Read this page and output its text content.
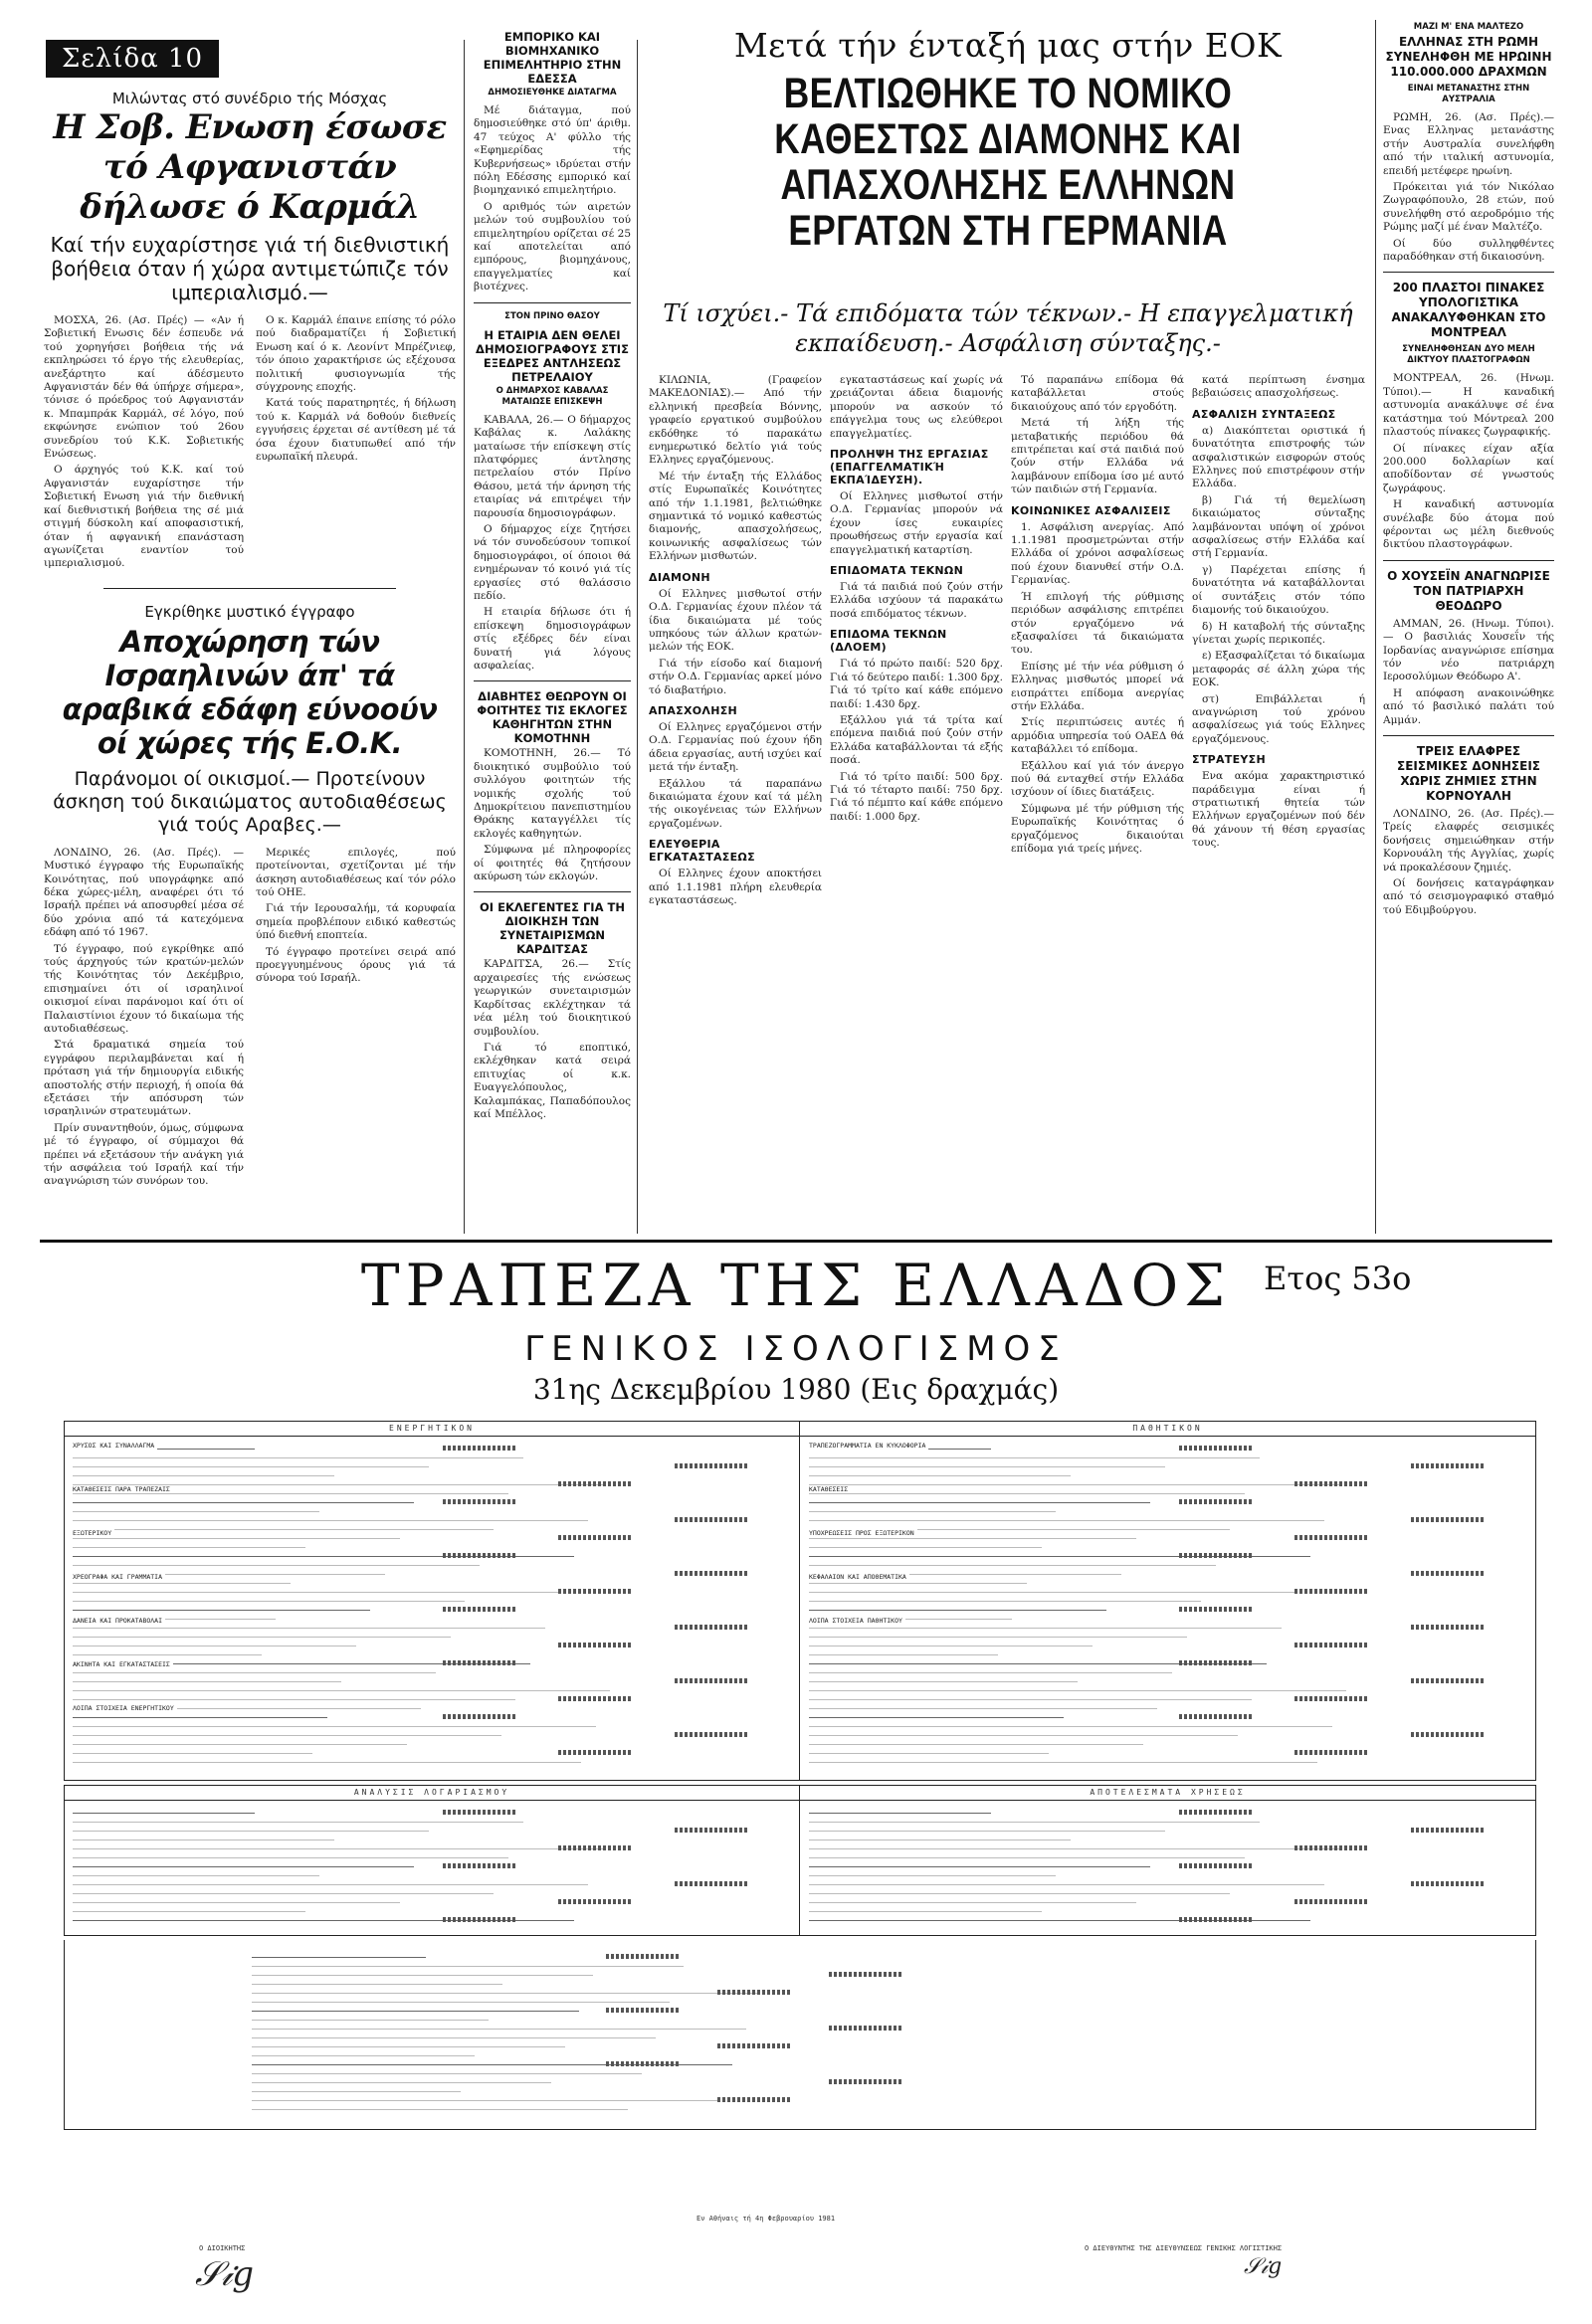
Σελίδα 10
Μιλώντας στό συνέδριο τής Μόσχας
Η Σοβ. Ενωση έσωσε τό Αφγανιστάν δήλωσε ό Καρμάλ
Καί τήν ευχαρίστησε γιά τή διεθνιστική βοήθεια όταν ή χώρα αντιμετώπιζε τόν ιμπεριαλισμό.—

ΜΟΣΧΑ, 26. (Ασ. Πρές) — «Αν ή Σοβιετική Ενωσις δέν έσπευδε νά τού χορηγήσει βοήθεια τής νά εκπληρώσει τό έργο τής ελευθερίας, ανεξάρτητο καί άδέσμευτο Αφγανιστάν δέν θά ύπήρχε σήμερα», τόνισε ό πρόεδρος τού Αφγανιστάν κ. Μπαμπράκ Καρμάλ, σέ λόγο, πού εκφώνησε ενώπιον τού 26ου συνεδρίου τού Κ.Κ. Σοβιετικής Ενώσεως.

Ο άρχηγός τού Κ.Κ. καί τού Αφγανιστάν ευχαρίστησε τήν Σοβιετική Ενωση γιά τήν διεθνική καί διεθνιστική βοήθεια της σέ μιά στιγμή δύσκολη καί αποφασιστική, όταν ή αφγανική επανάσταση αγωνίζεται εναντίον τού ιμπεριαλισμού.

Ο κ. Καρμάλ έπαινε επίσης τό ρόλο πού διαδραματίζει ή Σοβιετική Ενωση καί ό κ. Λεονίντ Μπρέζνιεφ, τόν όποιο χαρακτήρισε ώς εξέχουσα πολιτική φυσιογνωμία τής σύγχρονης εποχής.

Κατά τούς παρατηρητές, ή δήλωση τού κ. Καρμάλ νά δοθούν διεθνείς εγγυήσεις έρχεται σέ αντίθεση μέ τά όσα έχουν διατυπωθεί από τήν ευρωπαϊκή πλευρά.

Εγκρίθηκε μυστικό έγγραφο
Αποχώρηση τών Ισραηλινών άπ' τά αραβικά εδάφη εύνοούν οί χώρες τής Ε.Ο.Κ.
Παράνομοι οί οικισμοί.— Προτείνουν άσκηση τού δικαιώματος αυτοδιαθέσεως γιά τούς Αραβες.—

ΛΟΝΔΙΝΟ, 26. (Ασ. Πρές). — Μυστικό έγγραφο τής Ευρωπαϊκής Κοινότητας, πού υπογράφηκε από δέκα χώρες-μέλη, αναφέρει ότι τό Ισραήλ πρέπει νά αποσυρθεί μέσα σέ δύο χρόνια από τά κατεχόμενα εδάφη από τό 1967.

Τό έγγραφο, πού εγκρίθηκε από τούς άρχηγούς τών κρατών-μελών τής Κοινότητας τόν Δεκέμβριο, επισημαίνει ότι οί ισραηλινοί οικισμοί είναι παράνομοι καί ότι οί Παλαιστίνιοι έχουν τό δικαίωμα τής αυτοδιαθέσεως.

Στά δραματικά σημεία τού εγγράφου περιλαμβάνεται καί ή πρόταση γιά τήν δημιουργία ειδικής αποστολής στήν περιοχή, ή οποία θά εξετάσει τήν απόσυρση τών ισραηλινών στρατευμάτων.

Πρίν συναντηθούν, όμως, σύμφωνα μέ τό έγγραφο, οί σύμμαχοι θά πρέπει νά εξετάσουν τήν ανάγκη γιά τήν ασφάλεια τού Ισραήλ καί τήν αναγνώριση τών συνόρων του.

Μερικές επιλογές, πού προτείνονται, σχετίζονται μέ τήν άσκηση αυτοδιαθέσεως καί τόν ρόλο τού ΟΗΕ.

Γιά τήν Ιερουσαλήμ, τά κορυφαία σημεία προβλέπουν ειδικό καθεστώς ύπό διεθνή εποπτεία.

Τό έγγραφο προτείνει σειρά από προεγγυημένους όρους γιά τά σύνορα τού Ισραήλ.

ΕΜΠΟΡΙΚΟ ΚΑΙ ΒΙΟΜΗΧΑΝΙΚΟ ΕΠΙΜΕΛΗΤΗΡΙΟ ΣΤΗΝ ΕΔΕΣΣΑ
ΔΗΜΟΣΙΕΥΘΗΚΕ ΔΙΑΤΑΓΜΑ

Μέ διάταγμα, πού δημοσιεύθηκε στό ύπ' άριθμ. 47 τεύχος Α' φύλλο τής «Εφημερίδας τής Κυβερνήσεως» ιδρύεται στήν πόλη Εδέσσης εμπορικό καί βιομηχανικό επιμελητήριο.

Ο αριθμός τών αιρετών μελών τού συμβουλίου τού επιμελητηρίου ορίζεται σέ 25 καί αποτελείται από εμπόρους, βιομηχάνους, επαγγελματίες καί βιοτέχνες.

ΣΤΟΝ ΠΡΙΝΟ ΘΑΣΟΥ
Η ΕΤΑΙΡΙΑ ΔΕΝ ΘΕΛΕΙ ΔΗΜΟΣΙΟΓΡΑΦΟΥΣ ΣΤΙΣ ΕΞΕΔΡΕΣ ΑΝΤΛΗΣΕΩΣ ΠΕΤΡΕΛΑΙΟΥ
Ο ΔΗΜΑΡΧΟΣ ΚΑΒΑΛΑΣ ΜΑΤΑΙΩΣΕ ΕΠΙΣΚΕΨΗ

ΚΑΒΑΛΑ, 26.— Ο δήμαρχος Καβάλας κ. Λαλάκης ματαίωσε τήν επίσκεψη στίς πλατφόρμες άντλησης πετρελαίου στόν Πρίνο Θάσου, μετά τήν άρνηση τής εταιρίας νά επιτρέψει τήν παρουσία δημοσιογράφων.

Ο δήμαρχος είχε ζητήσει νά τόν συνοδεύσουν τοπικοί δημοσιογράφοι, οί όποιοι θά ενημέρωναν τό κοινό γιά τίς εργασίες στό θαλάσσιο πεδίο.

Η εταιρία δήλωσε ότι ή επίσκεψη δημοσιογράφων στίς εξέδρες δέν είναι δυνατή γιά λόγους ασφαλείας.

ΔΙΑΒΗΤΕΣ ΘΕΩΡΟΥΝ ΟΙ ΦΟΙΤΗΤΕΣ ΤΙΣ ΕΚΛΟΓΕΣ ΚΑΘΗΓΗΤΩΝ ΣΤΗΝ ΚΟΜΟΤΗΝΗ

ΚΟΜΟΤΗΝΗ, 26.— Τό διοικητικό συμβούλιο τού συλλόγου φοιτητών τής νομικής σχολής τού Δημοκρίτειου πανεπιστημίου Θράκης καταγγέλλει τίς εκλογές καθηγητών.

Σύμφωνα μέ πληροφορίες οί φοιτητές θά ζητήσουν ακύρωση τών εκλογών.

ΟΙ ΕΚΛΕΓΕΝΤΕΣ ΓΙΑ ΤΗ ΔΙΟΙΚΗΣΗ ΤΩΝ ΣΥΝΕΤΑΙΡΙΣΜΩΝ ΚΑΡΔΙΤΣΑΣ

ΚΑΡΔΙΤΣΑ, 26.— Στίς αρχαιρεσίες τής ενώσεως γεωργικών συνεταιρισμών Καρδίτσας εκλέχτηκαν τά νέα μέλη τού διοικητικού συμβουλίου.

Γιά τό εποπτικό, εκλέχθηκαν κατά σειρά επιτυχίας οί κ.κ. Ευαγγελόπουλος, Καλαμπάκας, Παπαδόπουλος καί Μπέλλος.

Μετά τήν ένταξή μας στήν ΕΟΚ
ΒΕΛΤΙΩΘΗΚΕ ΤΟ ΝΟΜΙΚΟ ΚΑΘΕΣΤΩΣ ΔΙΑΜΟΝΗΣ ΚΑΙ ΑΠΑΣΧΟΛΗΣΗΣ ΕΛΛΗΝΩΝ ΕΡΓΑΤΩΝ ΣΤΗ ΓΕΡΜΑΝΙΑ
Τί ισχύει.- Τά επιδόματα τών τέκνων.- Η επαγγελματική εκπαίδευση.- Ασφάλιση σύνταξης.-

ΚΙΛΩΝΙΑ, (Γραφείον ΜΑΚΕΔΟΝΙΑΣ).— Από τήν ελληνική πρεσβεία Βόννης, γραφείο εργατικού συμβούλου εκδόθηκε τό παρακάτω ενημερωτικό δελτίο γιά τούς Ελληνες εργαζόμενους.

Μέ τήν ένταξη τής Ελλάδος στίς Ευρωπαϊκές Κοινότητες από τήν 1.1.1981, βελτιώθηκε σημαντικά τό νομικό καθεστώς διαμονής, απασχολήσεως, κοινωνικής ασφαλίσεως τών Ελλήνων μισθωτών.

ΔΙΑΜΟΝΗ

Οί Ελληνες μισθωτοί στήν Ο.Δ. Γερμανίας έχουν πλέον τά ίδια δικαιώματα μέ τούς υπηκόους τών άλλων κρατών-μελών τής ΕΟΚ.

Γιά τήν είσοδο καί διαμονή στήν Ο.Δ. Γερμανίας αρκεί μόνο τό διαβατήριο.

ΑΠΑΣΧΟΛΗΣΗ

Οί Ελληνες εργαζόμενοι στήν Ο.Δ. Γερμανίας πού έχουν ήδη άδεια εργασίας, αυτή ισχύει καί μετά τήν ένταξη.

Εξάλλου τά παραπάνω δικαιώματα έχουν καί τά μέλη τής οικογένειας τών Ελλήνων εργαζομένων.

ΕΛΕΥΘΕΡΙΑ ΕΓΚΑΤΑΣΤΑΣΕΩΣ

Οί Ελληνες έχουν αποκτήσει από 1.1.1981 πλήρη ελευθερία εγκαταστάσεως.

εγκαταστάσεως καί χωρίς νά χρειάζονται άδεια διαμονής μπορούν να ασκούν τό επάγγελμα τους ως ελεύθεροι επαγγελματίες.

ΠΡΟΛΗΨΗ ΤΗΣ ΕΡΓΑΣΙΑΣ (ΕΠΑΓΓΕΛΜΑΤΙΚΉ ΕΚΠΑΊΔΕΥΣΗ).

Οί Ελληνες μισθωτοί στήν Ο.Δ. Γερμανίας μπορούν νά έχουν ίσες ευκαιρίες προωθήσεως στήν εργασία καί επαγγελματική καταρτίση.

ΕΠΙΔΟΜΑΤΑ ΤΕΚΝΩΝ

Γιά τά παιδιά πού ζούν στήν Ελλάδα ισχύουν τά παρακάτω ποσά επιδόματος τέκνων.

ΕΠΙΔΟΜΑ ΤΕΚΝΩΝ (ΔΛΟΕΜ)

Γιά τό πρώτο παιδί: 520 δρχ. Γιά τό δεύτερο παιδί: 1.300 δρχ. Γιά τό τρίτο καί κάθε επόμενο παιδί: 1.430 δρχ.

Εξάλλου γιά τά τρίτα καί επόμενα παιδιά πού ζούν στήν Ελλάδα καταβάλλονται τά εξής ποσά.

Γιά τό τρίτο παιδί: 500 δρχ. Γιά τό τέταρτο παιδί: 750 δρχ. Γιά τό πέμπτο καί κάθε επόμενο παιδί: 1.000 δρχ.

Τό παραπάνω επίδομα θά καταβάλλεται στούς δικαιούχους από τόν εργοδότη.

Μετά τή λήξη τής μεταβατικής περιόδου θά επιτρέπεται καί στά παιδιά πού ζούν στήν Ελλάδα νά λαμβάνουν επίδομα ίσο μέ αυτό τών παιδιών στή Γερμανία.

ΚΟΙΝΩΝΙΚΕΣ ΑΣΦΑΛΙΣΕΙΣ

1. Ασφάλιση ανεργίας. Από 1.1.1981 προσμετρώνται στήν Ελλάδα οί χρόνοι ασφαλίσεως πού έχουν διανυθεί στήν Ο.Δ. Γερμανίας.

Ή επιλογή τής ρύθμισης περιόδων ασφάλισης επιτρέπει στόν εργαζόμενο νά εξασφαλίσει τά δικαιώματα του.

Επίσης μέ τήν νέα ρύθμιση ό Ελληνας μισθωτός μπορεί νά εισπράττει επίδομα ανεργίας στήν Ελλάδα.

Στίς περιπτώσεις αυτές ή αρμόδια υπηρεσία τού ΟΑΕΔ θά καταβάλλει τό επίδομα.

Εξάλλου καί γιά τόν άνεργο πού θά ενταχθεί στήν Ελλάδα ισχύουν οί ίδιες διατάξεις.

Σύμφωνα μέ τήν ρύθμιση τής Ευρωπαϊκής Κοινότητας ό εργαζόμενος δικαιούται επίδομα γιά τρείς μήνες.

κατά περίπτωση ένσημα βεβαιώσεις απασχολήσεως.

ΑΣΦΑΛΙΣΗ ΣΥΝΤΑΞΕΩΣ

α) Διακόπτεται οριστικά ή δυνατότητα επιστροφής τών ασφαλιστικών εισφορών στούς Ελληνες πού επιστρέφουν στήν Ελλάδα.

β) Γιά τή θεμελίωση δικαιώματος σύνταξης λαμβάνονται υπόψη οί χρόνοι ασφαλίσεως στήν Ελλάδα καί στή Γερμανία.

γ) Παρέχεται επίσης ή δυνατότητα νά καταβάλλονται οί συντάξεις στόν τόπο διαμονής τού δικαιούχου.

δ) Η καταβολή τής σύνταξης γίνεται χωρίς περικοπές.

ε) Εξασφαλίζεται τό δικαίωμα μεταφοράς σέ άλλη χώρα τής ΕΟΚ.

στ) Επιβάλλεται ή αναγνώριση τού χρόνου ασφαλίσεως γιά τούς Ελληνες εργαζόμενους.

ΣΤΡΑΤΕΥΣΗ

Ενα ακόμα χαρακτηριστικό παράδειγμα είναι ή στρατιωτική θητεία τών Ελλήνων εργαζομένων πού δέν θά χάνουν τή θέση εργασίας τους.

ΜΑΖΙ Μ' ΕΝΑ ΜΑΛΤΕΖΟ
ΕΛΛΗΝΑΣ ΣΤΗ ΡΩΜΗ ΣΥΝΕΛΗΦΘΗ ΜΕ ΗΡΩΙΝΗ 110.000.000 ΔΡΑΧΜΩΝ
ΕΙΝΑΙ ΜΕΤΑΝΑΣΤΗΣ ΣΤΗΝ ΑΥΣΤΡΑΛΙΑ

ΡΩΜΗ, 26. (Ασ. Πρές).— Ενας Ελληνας μετανάστης στήν Αυστραλία συνελήφθη από τήν ιταλική αστυνομία, επειδή μετέφερε ηρωίνη.

Πρόκειται γιά τόν Νικόλαο Ζωγραφόπουλο, 28 ετών, πού συνελήφθη στό αεροδρόμιο τής Ρώμης μαζί μέ έναν Μαλτέζο.

Οί δύο συλληφθέντες παραδόθηκαν στή δικαιοσύνη.

200 ΠΛΑΣΤΟΙ ΠΙΝΑΚΕΣ ΥΠΟΛΟΓΙΣΤΙΚΑ ΑΝΑΚΑΛΥΦΘΗΚΑΝ ΣΤΟ ΜΟΝΤΡΕΑΛ
ΣΥΝΕΛΗΦΘΗΣΑΝ ΔΥΟ ΜΕΛΗ ΔΙΚΤΥΟΥ ΠΛΑΣΤΟΓΡΑΦΩΝ

ΜΟΝΤΡΕΑΛ, 26. (Ηνωμ. Τύποι).— Η καναδική αστυνομία ανακάλυψε σέ ένα κατάστημα τού Μόντρεαλ 200 πλαστούς πίνακες ζωγραφικής.

Οί πίνακες είχαν αξία 200.000 δολλαρίων καί αποδίδονταν σέ γνωστούς ζωγράφους.

Η καναδική αστυνομία συνέλαβε δύο άτομα πού φέρονται ως μέλη διεθνούς δικτύου πλαστογράφων.

Ο ΧΟΥΣΕΪΝ ΑΝΑΓΝΩΡΙΣΕ ΤΟΝ ΠΑΤΡΙΑΡΧΗ ΘΕΟΔΩΡΟ

ΑΜΜΑΝ, 26. (Ηνωμ. Τύποι).— Ο βασιλιάς Χουσεΐν τής Ιορδανίας αναγνώρισε επίσημα τόν νέο πατριάρχη Ιεροσολύμων Θεόδωρο Α'.

Η απόφαση ανακοινώθηκε από τό βασιλικό παλάτι τού Αμμάν.

ΤΡΕΙΣ ΕΛΑΦΡΕΣ ΣΕΙΣΜΙΚΕΣ ΔΟΝΗΣΕΙΣ ΧΩΡΙΣ ΖΗΜΙΕΣ ΣΤΗΝ ΚΟΡΝΟΥΑΛΗ

ΛΟΝΔΙΝΟ, 26. (Ασ. Πρές).— Τρείς ελαφρές σεισμικές δονήσεις σημειώθηκαν στήν Κορνουάλη τής Αγγλίας, χωρίς νά προκαλέσουν ζημιές.

Οί δονήσεις καταγράφηκαν από τό σεισμογραφικό σταθμό τού Εδιμβούργου.

ΤΡΑΠΕΖΑ ΤΗΣ ΕΛΛΑΔΟΣ	Ετος 53ο
ΓΕΝΙΚΟΣ ΙΣΟΛΟΓΙΣΜΟΣ
31ης Δεκεμβρίου 1980 (Εις δραχμάς)
ΕΝΕΡΓΗΤΙΚΟΝ	ΠΑΘΗΤΙΚΟΝ
ΧΡΥΣΟΣ ΚΑΙ ΣΥΝΑΛΛΑΓΜΑ
ΚΑΤΑΘΕΣΕΙΣ ΠΑΡΑ ΤΡΑΠΕΖΑΙΣ
ΕΞΩΤΕΡΙΚΟΥ
ΧΡΕΟΓΡΑΦΑ ΚΑΙ ΓΡΑΜΜΑΤΙΑ
ΔΑΝΕΙΑ ΚΑΙ ΠΡΟΚΑΤΑΒΟΛΑΙ
ΑΚΙΝΗΤΑ ΚΑΙ ΕΓΚΑΤΑΣΤΑΣΕΙΣ
ΛΟΙΠΑ ΣΤΟΙΧΕΙΑ ΕΝΕΡΓΗΤΙΚΟΥ
ΤΡΑΠΕΖΟΓΡΑΜΜΑΤΙΑ ΕΝ ΚΥΚΛΟΦΟΡΙΑ
ΚΑΤΑΘΕΣΕΙΣ
ΥΠΟΧΡΕΩΣΕΙΣ ΠΡΟΣ ΕΞΩΤΕΡΙΚΟΝ
ΚΕΦΑΛΑΙΟΝ ΚΑΙ ΑΠΟΘΕΜΑΤΙΚΑ
ΛΟΙΠΑ ΣΤΟΙΧΕΙΑ ΠΑΘΗΤΙΚΟΥ
ΑΝΑΛΥΣΙΣ ΛΟΓΑΡΙΑΣΜΟΥ	ΑΠΟΤΕΛΕΣΜΑΤΑ ΧΡΗΣΕΩΣ
Ο ΔΙΟΙΚΗΤΗΣ
𝒮𝒾𝑔
Εν Αθήναις τή 4η Φεβρουαρίου 1981
Ο ΔΙΕΥΘΥΝΤΗΣ ΤΗΣ ΔΙΕΥΘΥΝΣΕΩΣ ΓΕΝΙΚΗΣ ΛΟΓΙΣΤΙΚΗΣ
𝒮𝒾𝑔
